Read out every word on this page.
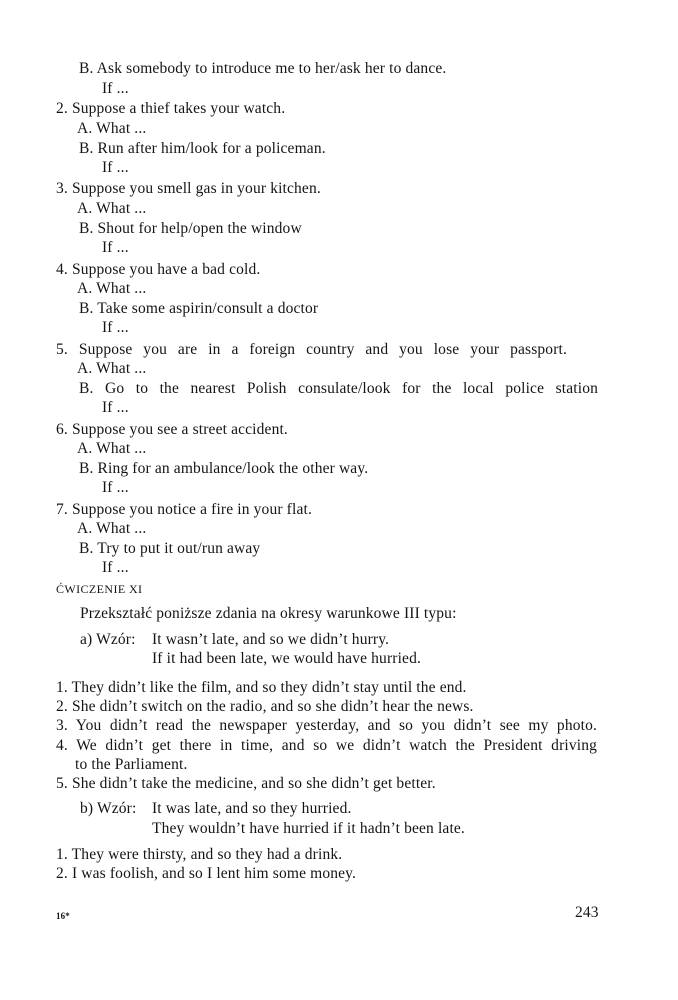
B. Ask somebody to introduce me to her/ask her to dance.
If ...
2. Suppose a thief takes your watch.
A. What ...
B. Run after him/look for a policeman.
If ...
3. Suppose you smell gas in your kitchen.
A. What ...
B. Shout for help/open the window
If ...
4. Suppose you have a bad cold.
A. What ...
B. Take some aspirin/consult a doctor
If ...
5. Suppose you are in a foreign country and you lose your passport.
A. What ...
B. Go to the nearest Polish consulate/look for the local police station
If ...
6. Suppose you see a street accident.
A. What ...
B. Ring for an ambulance/look the other way.
If ...
7. Suppose you notice a fire in your flat.
A. What ...
B. Try to put it out/run away
If ...
ĆWICZENIE XI
Przekształć poniższe zdania na okresy warunkowe III typu:
a) Wzór: It wasn’t late, and so we didn’t hurry.
If it had been late, we would have hurried.
1. They didn’t like the film, and so they didn’t stay until the end.
2. She didn’t switch on the radio, and so she didn’t hear the news.
3. You didn’t read the newspaper yesterday, and so you didn’t see my photo.
4. We didn’t get there in time, and so we didn’t watch the President driving
to the Parliament.
5. She didn’t take the medicine, and so she didn’t get better.
b) Wzór: It was late, and so they hurried.
They wouldn’t have hurried if it hadn’t been late.
1. They were thirsty, and so they had a drink.
2. I was foolish, and so I lent him some money.
16*	243
